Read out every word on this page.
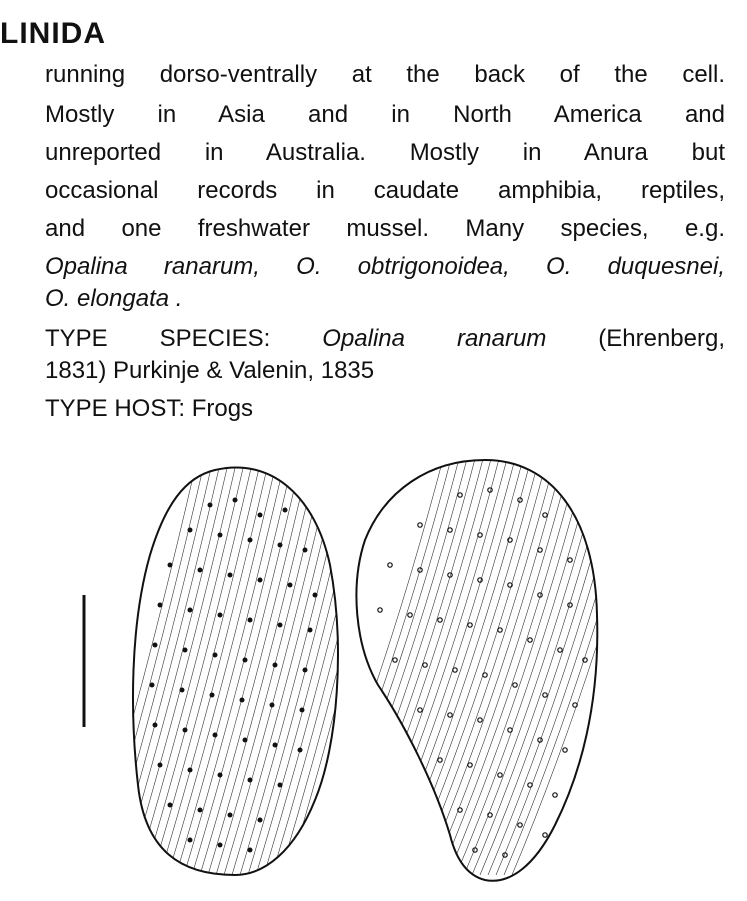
LINIDA

running dorso-ventrally at the back of the cell.

Mostly in Asia and in North America and

unreported in Australia. Mostly in Anura but

occasional records in caudate amphibia, reptiles,

and one freshwater mussel. Many species, e.g.

Opalina ranarum, O. obtrigonoidea, O. duquesnei,

O. elongata .

TYPE SPECIES: Opalina ranarum (Ehrenberg,

1831) Purkinje & Valenin, 1835

TYPE HOST: Frogs
